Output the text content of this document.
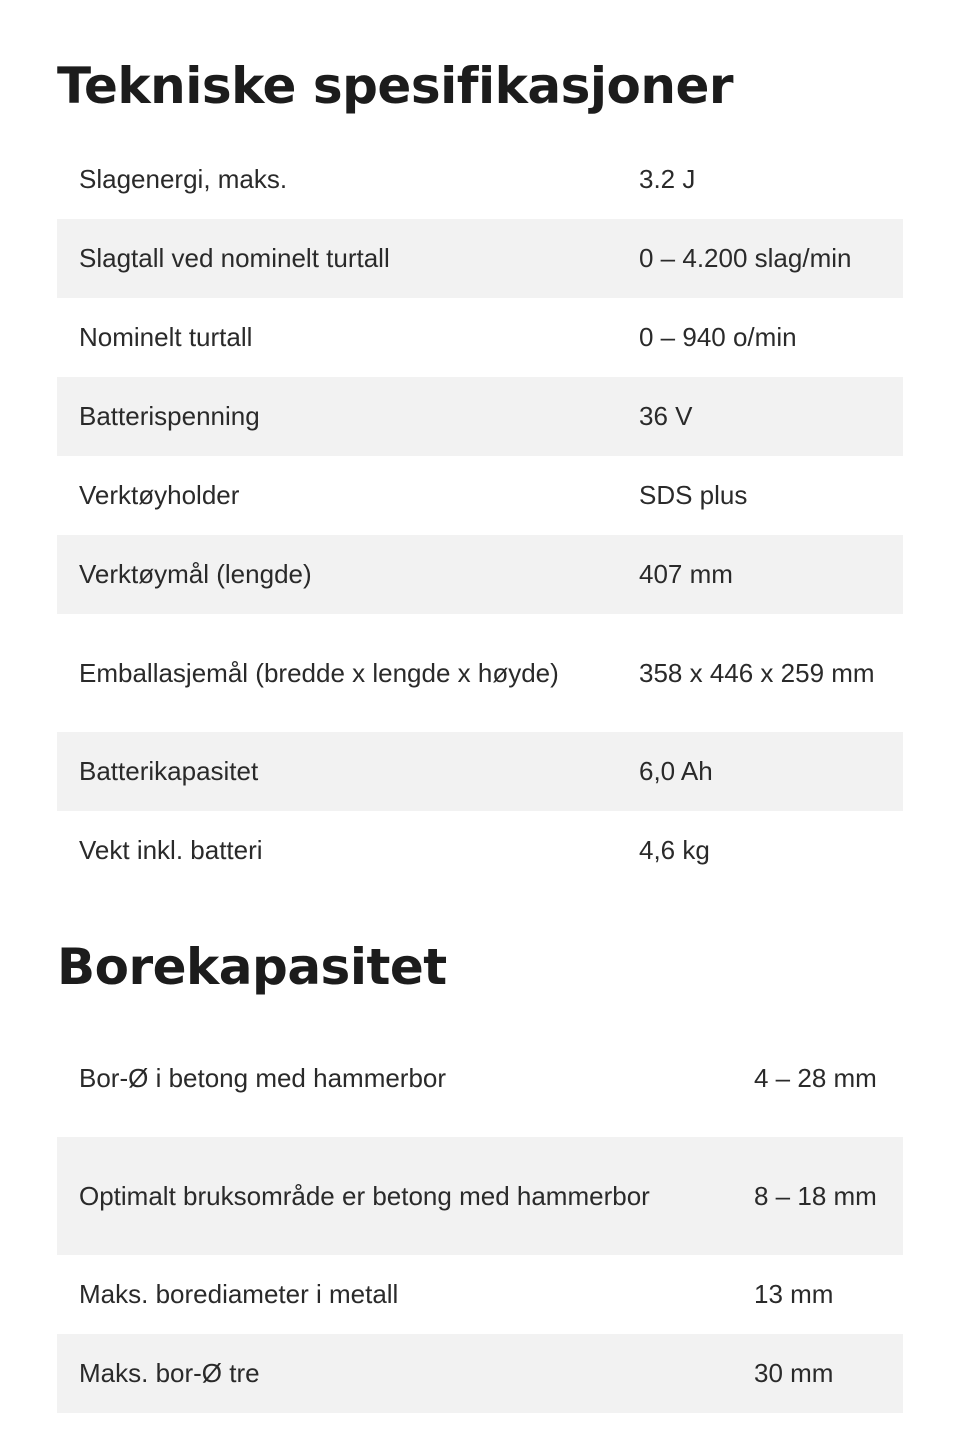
Tekniske spesifikasjoner
Slagenergi, maks.	3.2 J
Slagtall ved nominelt turtall	0 – 4.200 slag/min
Nominelt turtall	0 – 940 o/min
Batterispenning	36 V
Verktøyholder	SDS plus
Verktøymål (lengde)	407 mm
Emballasjemål (bredde x lengde x høyde)	358 x 446 x 259 mm
Batterikapasitet	6,0 Ah
Vekt inkl. batteri	4,6 kg
Borekapasitet
Bor-Ø i betong med hammerbor	4 – 28 mm
Optimalt bruksområde er betong med hammerbor	8 – 18 mm
Maks. borediameter i metall	13 mm
Maks. bor-Ø tre	30 mm
